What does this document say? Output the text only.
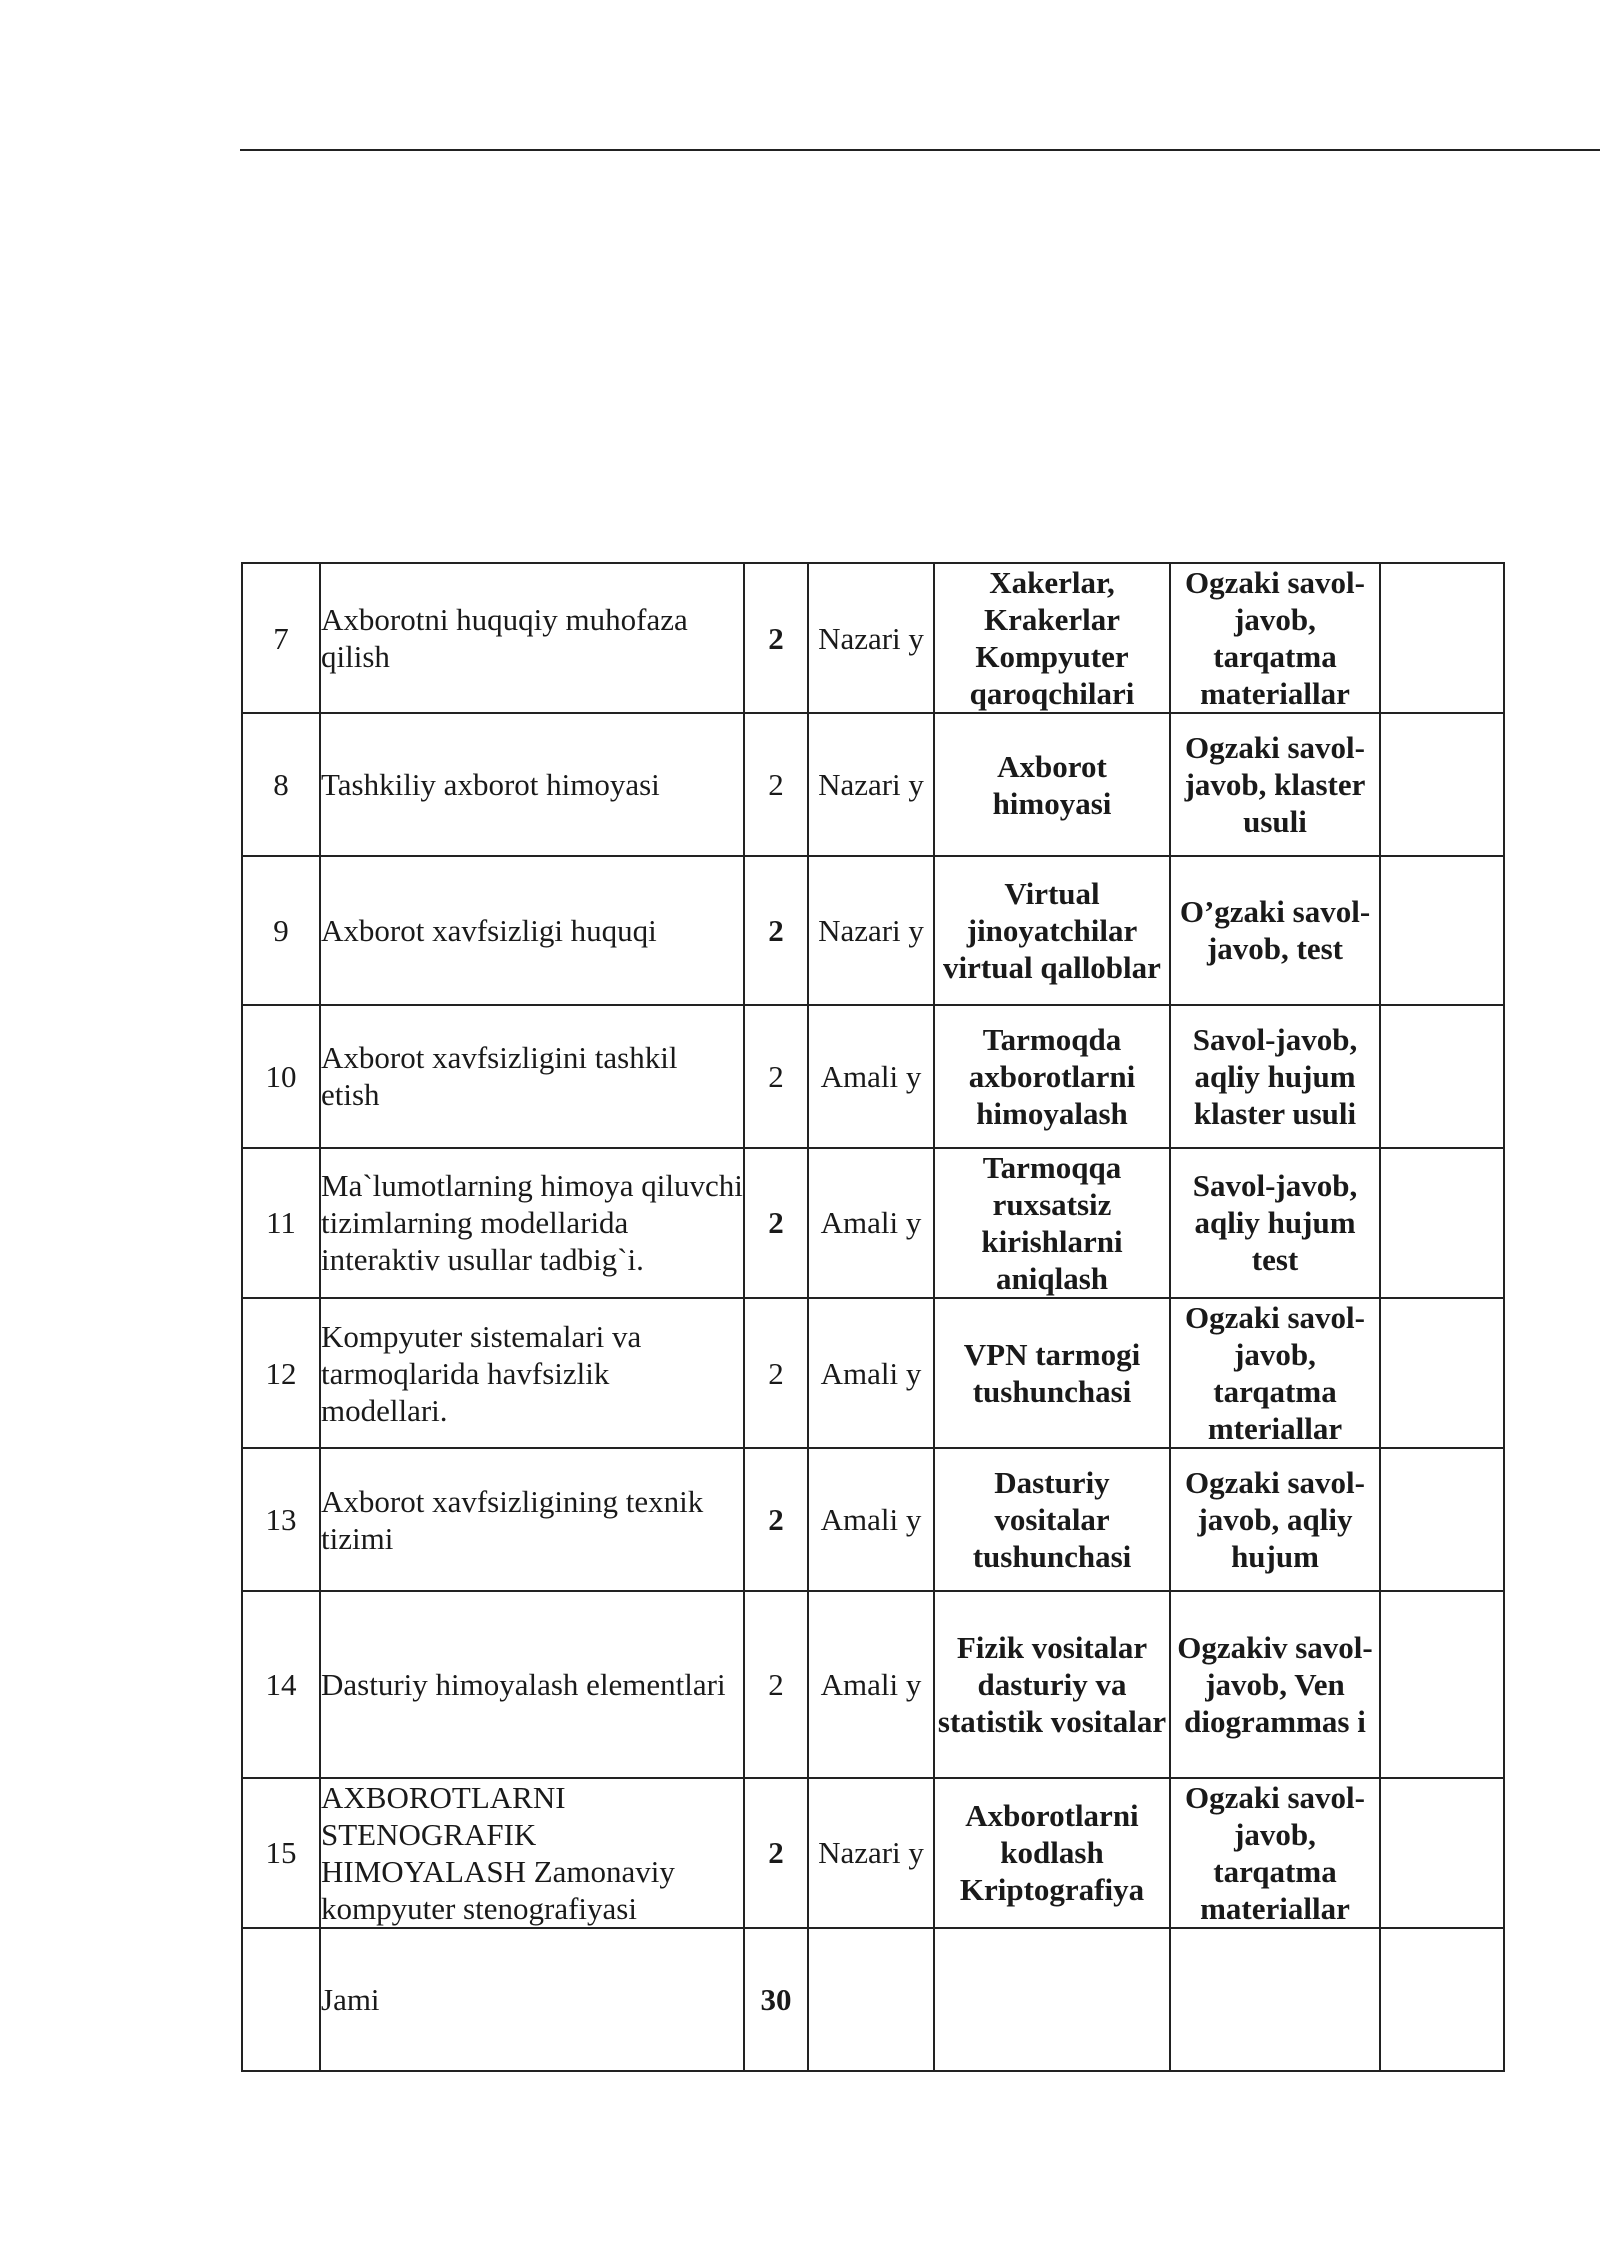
7	Axborotni huquqiy muhofaza qilish	2	Nazari y	Xakerlar, Krakerlar Kompyuter qaroqchilari	Ogzaki savol-javob, tarqatma materiallar	
8	Tashkiliy axborot himoyasi	2	Nazari y	Axborot himoyasi	Ogzaki savol-javob, klaster usuli	
9	Axborot xavfsizligi huquqi	2	Nazari y	Virtual jinoyatchilar virtual qalloblar	O’gzaki savol-javob, test	
10	Axborot xavfsizligini tashkil etish	2	Amali y	Tarmoqda axborotlarni himoyalash	Savol-javob, aqliy hujum klaster usuli	
11	Ma`lumotlarning himoya qiluvchi tizimlarning modellarida interaktiv usullar tadbig`i.	2	Amali y	Tarmoqqa ruxsatsiz kirishlarni aniqlash	Savol-javob, aqliy hujum test	
12	Kompyuter sistemalari va tarmoqlarida havfsizlik modellari.	2	Amali y	VPN tarmogi tushunchasi	Ogzaki savol-javob, tarqatma mteriallar	
13	Axborot xavfsizligining texnik tizimi	2	Amali y	Dasturiy vositalar tushunchasi	Ogzaki savol-javob, aqliy hujum	
14	Dasturiy himoyalash elementlari	2	Amali y	Fizik vositalar dasturiy va statistik vositalar	Ogzakiv savol-javob, Ven diogrammas i	
15	AXBOROTLARNI STENOGRAFIK HIMOYALASH Zamonaviy kompyuter stenografiyasi	2	Nazari y	Axborotlarni kodlash Kriptografiya	Ogzaki savol-javob, tarqatma materiallar	
	Jami	30				
